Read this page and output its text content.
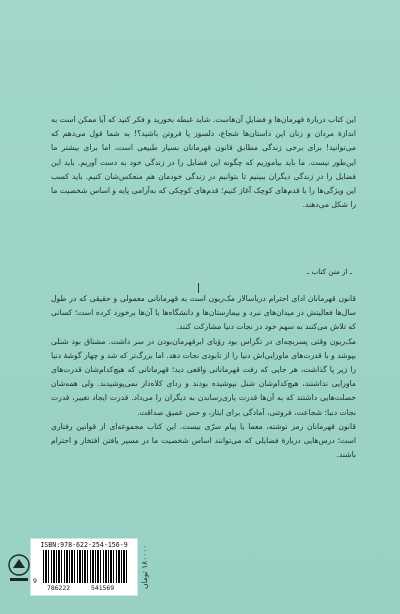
این کتاب دربارهٔ قهرمان‌ها و فضایلِ آن‌هاست. شاید غبطه بخورید و فکر کنید که آیا ممکن است به اندازهٔ مردان و زنان این داستان‌ها شجاع، دلسوز یا فروتن باشید؟! به شما قول می‌دهم که می‌توانید! برای برخی زندگی مطابق قانون قهرمانان بسیار طبیعی است، اما برای بیشتر ما این‌طور نیست. ما باید بیاموزیم که چگونه این فضایل را در زندگی خود به دست آوریم. باید این فضایل را در زندگی دیگران ببینیم تا بتوانیم در زندگی خودمان هم منعکس‌شان کنیم. باید کسب این ویژگی‌ها را با قدم‌های کوچک آغاز کنیم؛ قدم‌های کوچکی که به‌آرامی پایه و اساس شخصیت ما را شکل می‌دهند.
ـ از متن کتاب ـ

قانون قهرمانان ادای احترام دریاسالار مک‌ریون است به قهرمانانی معمولی و حقیقی که در طول سال‌ها فعالیتش در میدان‌های نبرد و بیمارستان‌ها و دانشگاه‌ها با آن‌ها برخورد کرده است؛ کسانی که تلاش می‌کنند به سهم خود در نجات دنیا مشارکت کنند.

مک‌ریون وقتی پسربچه‌ای در تگزاس بود رؤیای ابرقهرمان‌بودن در سر داشت. مشتاق بود شنلی بپوشد و با قدرت‌های ماورایی‌اش دنیا را از نابودی نجات دهد. اما بزرگ‌تر که شد و چهار گوشهٔ دنیا را زیر پا گذاشت، هر جایی که رفت قهرمانانی واقعی دید؛ قهرمانانی که هیچ‌کدام‌شان قدرت‌های ماورایی نداشتند، هیچ‌کدام‌شان شنل نپوشیده بودند و ردای کلاه‌دار نمی‌پوشیدند. ولی همه‌شان خصلت‌هایی داشتند که به آن‌ها قدرت یاری‌رساندن به دیگران را می‌داد. قدرت ایجاد تغییر، قدرت نجات دنیا: شجاعت، فروتنی، آمادگی برای ایثار، و حس عمیق صداقت.

قانون قهرمانان رمز نوشته، معما یا پیام سرّی نیست. این کتاب مجموعه‌ای از قوانین رفتاری است؛ درس‌هایی دربارهٔ فضایلی که می‌توانند اساس شخصیت ما در مسیر یافتن افتخار و احترام باشند.

ISBN:978-622-254-156-9
9
786222	541569	۱۸۰۰۰۰ تومان
